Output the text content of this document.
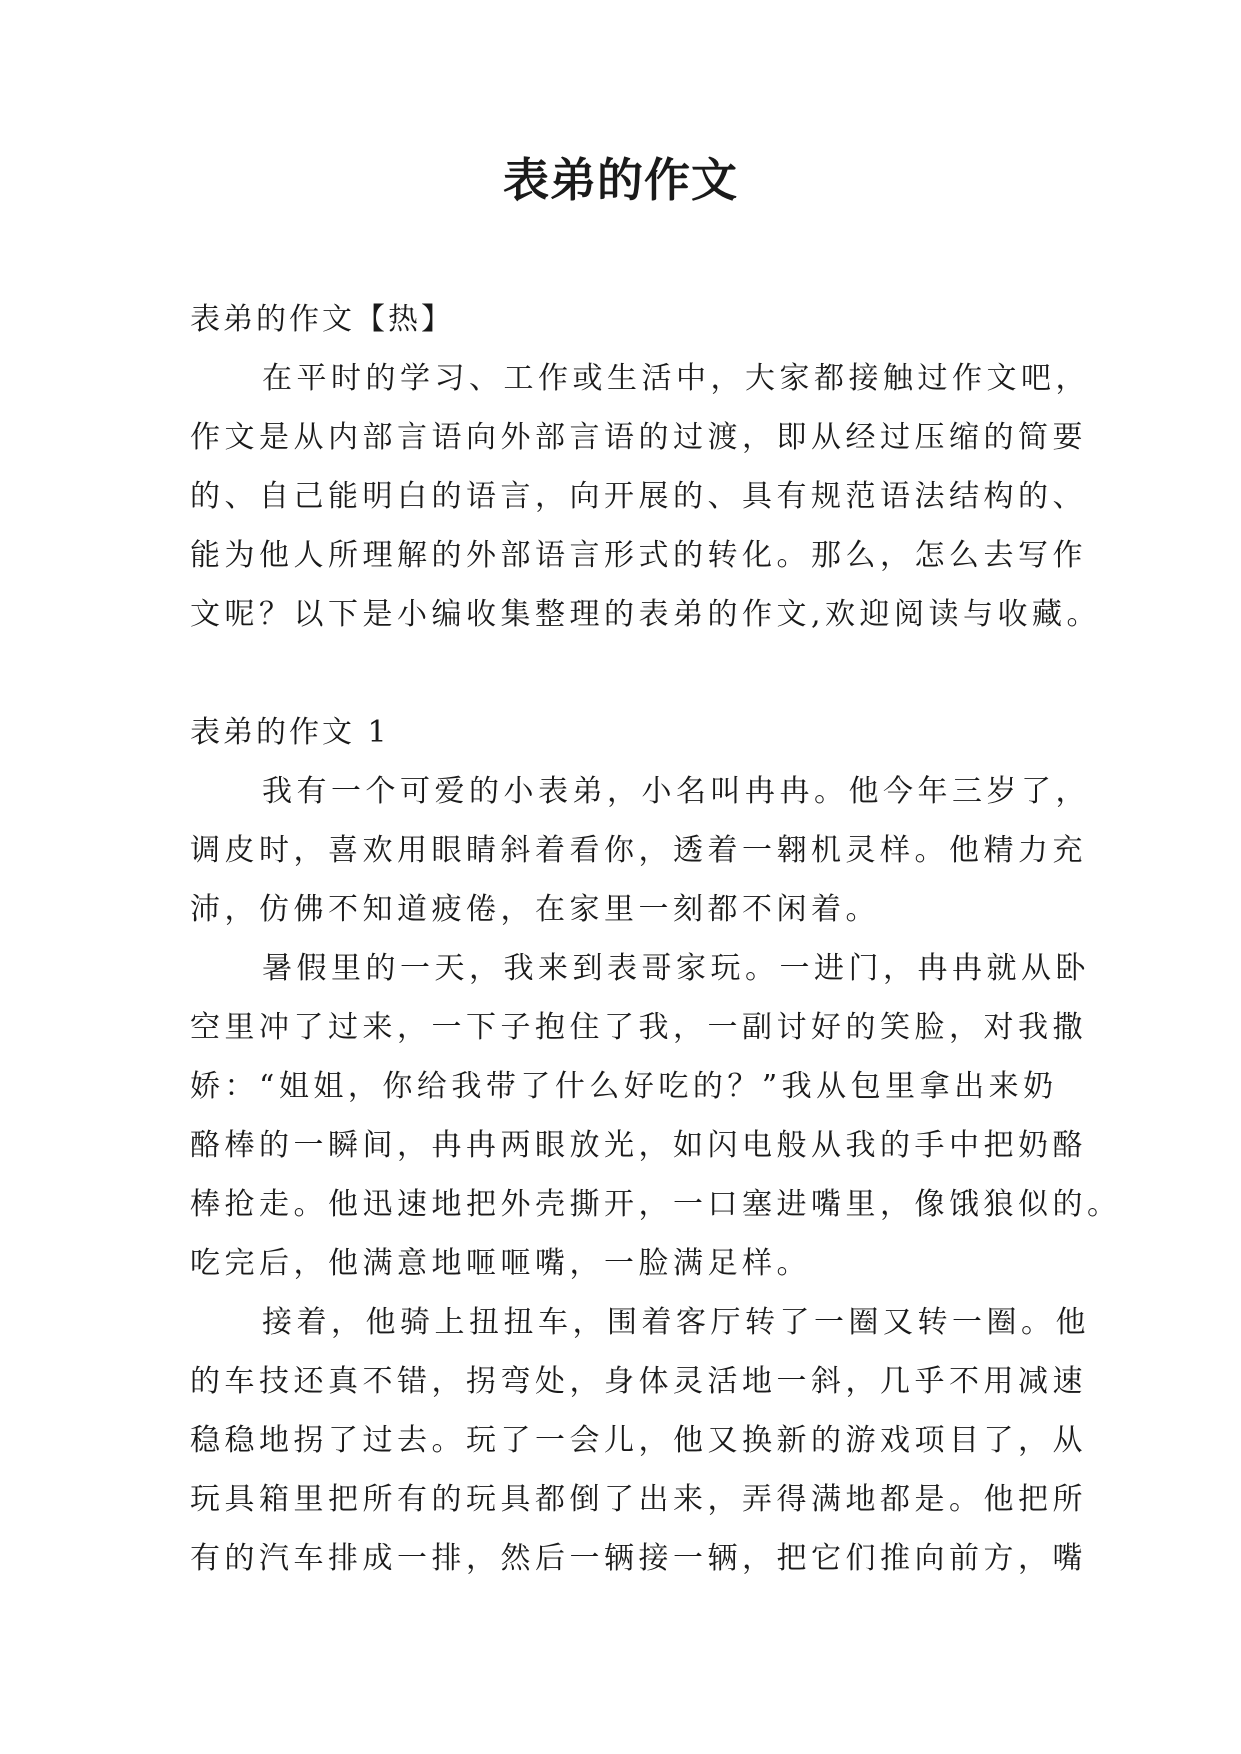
表弟的作文

表弟的作文【热】

在平时的学习、工作或生活中，大家都接触过作文吧，

作文是从内部言语向外部言语的过渡，即从经过压缩的简要

的、自己能明白的语言，向开展的、具有规范语法结构的、

能为他人所理解的外部语言形式的转化。那么，怎么去写作

文呢？以下是小编收集整理的表弟的作文,欢迎阅读与收藏。

表弟的作文 1

我有一个可爱的小表弟，小名叫冉冉。他今年三岁了，

调皮时，喜欢用眼睛斜着看你，透着一翱机灵样。他精力充

沛，仿佛不知道疲倦，在家里一刻都不闲着。

暑假里的一天，我来到表哥家玩。一进门，冉冉就从卧

空里冲了过来，一下子抱住了我，一副讨好的笑脸，对我撒

娇：“姐姐，你给我带了什么好吃的？”我从包里拿出来奶

酪棒的一瞬间，冉冉两眼放光，如闪电般从我的手中把奶酪

棒抢走。他迅速地把外壳撕开，一口塞进嘴里，像饿狼似的。

吃完后，他满意地咂咂嘴，一脸满足样。

接着，他骑上扭扭车，围着客厅转了一圈又转一圈。他

的车技还真不错，拐弯处，身体灵活地一斜，几乎不用减速

稳稳地拐了过去。玩了一会儿，他又换新的游戏项目了，从

玩具箱里把所有的玩具都倒了出来，弄得满地都是。他把所

有的汽车排成一排，然后一辆接一辆，把它们推向前方，嘴
